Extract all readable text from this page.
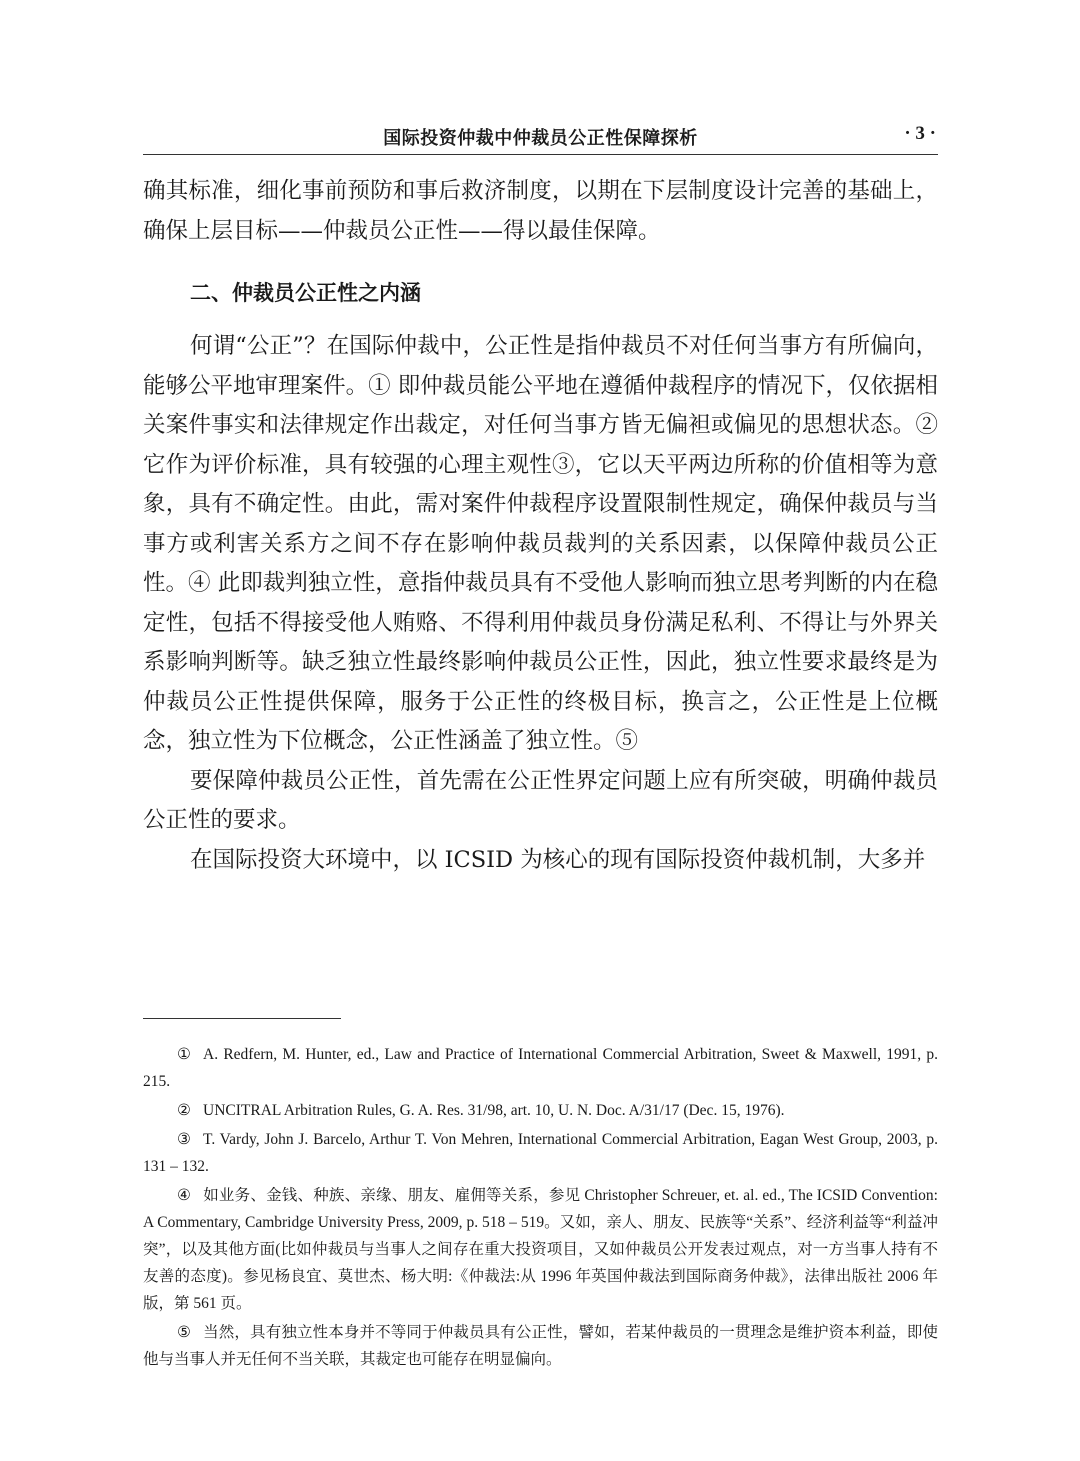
国际投资仲裁中仲裁员公正性保障探析	· 3 ·

确其标准，细化事前预防和事后救济制度，以期在下层制度设计完善的基础上，确保上层目标——仲裁员公正性——得以最佳保障。

二、仲裁员公正性之内涵

何谓“公正”？在国际仲裁中，公正性是指仲裁员不对任何当事方有所偏向，能够公平地审理案件。① 即仲裁员能公平地在遵循仲裁程序的情况下，仅依据相关案件事实和法律规定作出裁定，对任何当事方皆无偏袒或偏见的思想状态。② 它作为评价标准，具有较强的心理主观性③，它以天平两边所称的价值相等为意象，具有不确定性。由此，需对案件仲裁程序设置限制性规定，确保仲裁员与当事方或利害关系方之间不存在影响仲裁员裁判的关系因素，以保障仲裁员公正性。④ 此即裁判独立性，意指仲裁员具有不受他人影响而独立思考判断的内在稳定性，包括不得接受他人贿赂、不得利用仲裁员身份满足私利、不得让与外界关系影响判断等。缺乏独立性最终影响仲裁员公正性，因此，独立性要求最终是为仲裁员公正性提供保障，服务于公正性的终极目标，换言之，公正性是上位概念，独立性为下位概念，公正性涵盖了独立性。⑤

要保障仲裁员公正性，首先需在公正性界定问题上应有所突破，明确仲裁员公正性的要求。

在国际投资大环境中，以 ICSID 为核心的现有国际投资仲裁机制，大多并

① A. Redfern, M. Hunter, ed., Law and Practice of International Commercial Arbitration, Sweet & Maxwell, 1991, p. 215.

② UNCITRAL Arbitration Rules, G. A. Res. 31/98, art. 10, U. N. Doc. A/31/17 (Dec. 15, 1976).

③ T. Vardy, John J. Barcelo, Arthur T. Von Mehren, International Commercial Arbitration, Eagan West Group, 2003, p. 131 – 132.

④ 如业务、金钱、种族、亲缘、朋友、雇佣等关系，参见 Christopher Schreuer, et. al. ed., The ICSID Convention: A Commentary, Cambridge University Press, 2009, p. 518 – 519。又如，亲人、朋友、民族等“关系”、经济利益等“利益冲突”，以及其他方面(比如仲裁员与当事人之间存在重大投资项目，又如仲裁员公开发表过观点，对一方当事人持有不友善的态度)。参见杨良宜、莫世杰、杨大明:《仲裁法:从 1996 年英国仲裁法到国际商务仲裁》，法律出版社 2006 年版，第 561 页。

⑤ 当然，具有独立性本身并不等同于仲裁员具有公正性，譬如，若某仲裁员的一贯理念是维护资本利益，即使他与当事人并无任何不当关联，其裁定也可能存在明显偏向。
